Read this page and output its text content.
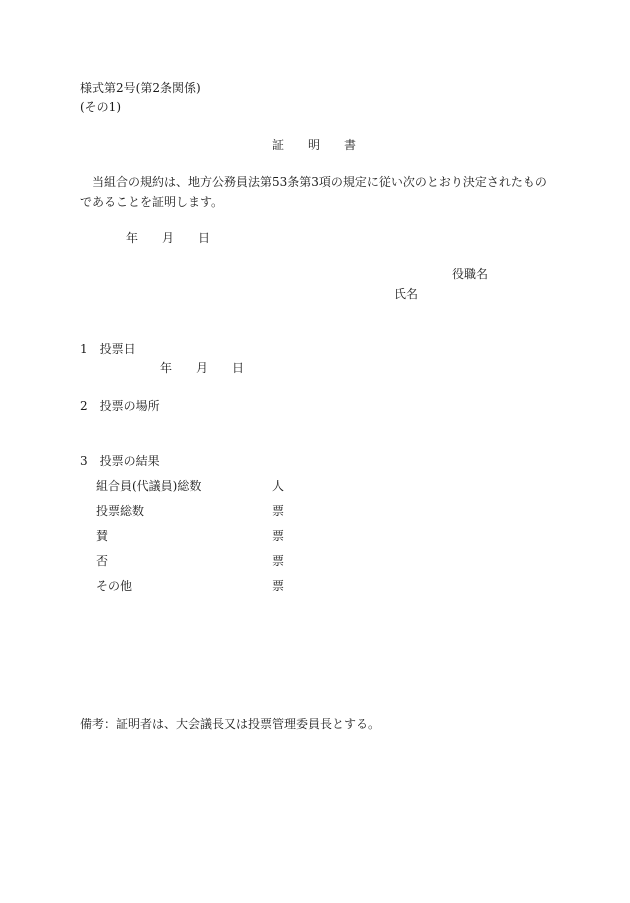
様式第2号(第2条関係)
(その1)
証 明 書
当組合の規約は、地方公務員法第53条第3項の規定に従い次のとおり決定されたものであることを証明します。
年 月 日
役職名
氏名
1　投票日
年 月 日
2　投票の場所
3　投票の結果
組合員(代議員)総数	人
投票総数	票
賛	票
否	票
その他	票
備考：証明者は、大会議長又は投票管理委員長とする。
